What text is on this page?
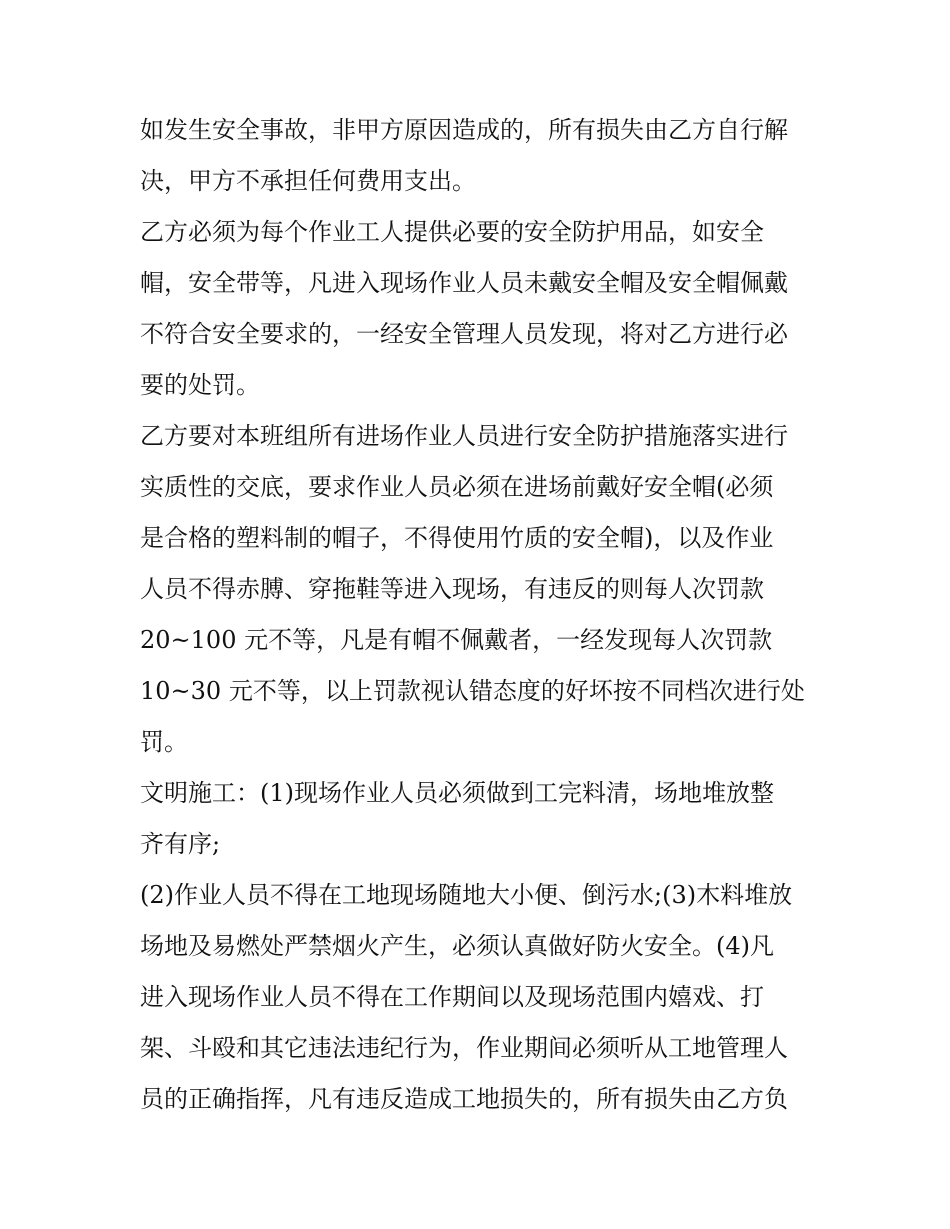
如发生安全事故，非甲方原因造成的，所有损失由乙方自行解
决，甲方不承担任何费用支出。
乙方必须为每个作业工人提供必要的安全防护用品，如安全
帽，安全带等，凡进入现场作业人员未戴安全帽及安全帽佩戴
不符合安全要求的，一经安全管理人员发现，将对乙方进行必
要的处罚。
乙方要对本班组所有进场作业人员进行安全防护措施落实进行
实质性的交底，要求作业人员必须在进场前戴好安全帽(必须
是合格的塑料制的帽子，不得使用竹质的安全帽)，以及作业
人员不得赤膊、穿拖鞋等进入现场，有违反的则每人次罚款
20~100 元不等，凡是有帽不佩戴者，一经发现每人次罚款
10~30 元不等，以上罚款视认错态度的好坏按不同档次进行处
罚。
文明施工：(1)现场作业人员必须做到工完料清，场地堆放整
齐有序;
(2)作业人员不得在工地现场随地大小便、倒污水;(3)木料堆放
场地及易燃处严禁烟火产生，必须认真做好防火安全。(4)凡
进入现场作业人员不得在工作期间以及现场范围内嬉戏、打
架、斗殴和其它违法违纪行为，作业期间必须听从工地管理人
员的正确指挥，凡有违反造成工地损失的，所有损失由乙方负
